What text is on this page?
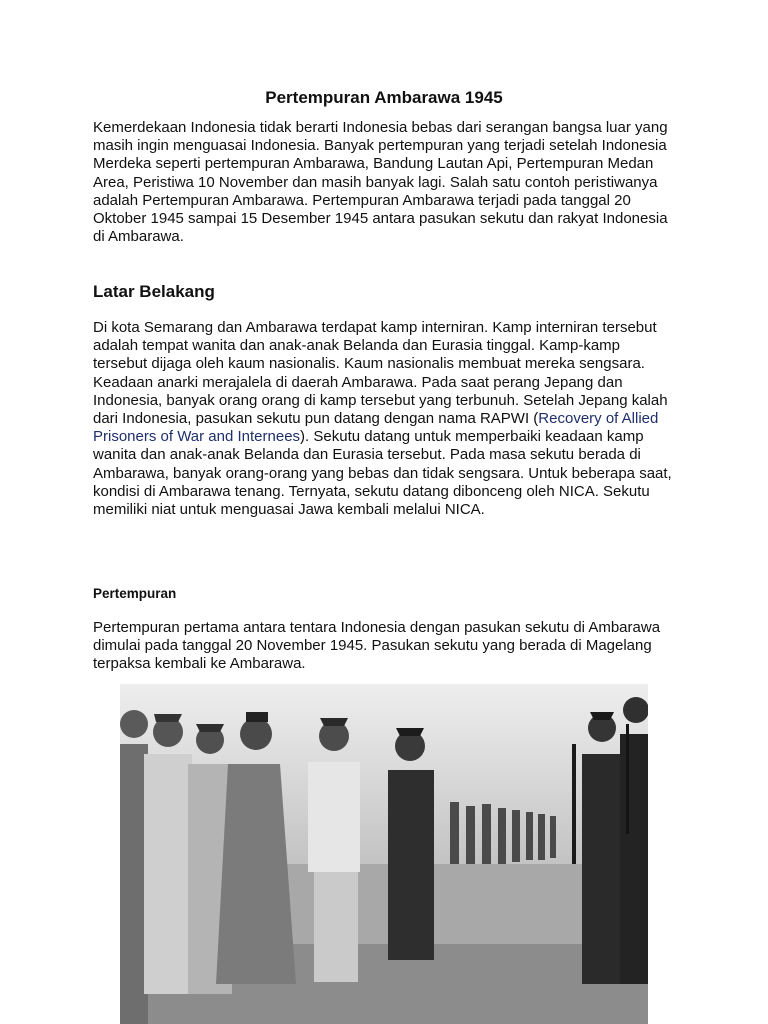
Pertempuran Ambarawa 1945

Kemerdekaan Indonesia tidak berarti Indonesia bebas dari serangan bangsa luar yang masih ingin menguasai Indonesia. Banyak pertempuran yang terjadi setelah Indonesia Merdeka seperti pertempuran Ambarawa, Bandung Lautan Api, Pertempuran Medan Area, Peristiwa 10 November dan masih banyak lagi. Salah satu contoh peristiwanya adalah Pertempuran Ambarawa. Pertempuran Ambarawa terjadi pada tanggal 20 Oktober 1945 sampai 15 Desember 1945 antara pasukan sekutu dan rakyat Indonesia di Ambarawa.

Latar Belakang

Di kota Semarang dan Ambarawa terdapat kamp interniran. Kamp interniran tersebut adalah tempat wanita dan anak-anak Belanda dan Eurasia tinggal. Kamp-kamp tersebut dijaga oleh kaum nasionalis. Kaum nasionalis membuat mereka sengsara. Keadaan anarki merajalela di daerah Ambarawa. Pada saat perang Jepang dan Indonesia, banyak orang orang di kamp tersebut yang terbunuh. Setelah Jepang kalah dari Indonesia, pasukan sekutu pun datang dengan nama RAPWI (Recovery of Allied Prisoners of War and Internees). Sekutu datang untuk memperbaiki keadaan kamp wanita dan anak-anak Belanda dan Eurasia tersebut. Pada masa sekutu berada di Ambarawa, banyak orang-orang yang bebas dan tidak sengsara. Untuk beberapa saat, kondisi di Ambarawa tenang. Ternyata, sekutu datang dibonceng oleh NICA. Sekutu memiliki niat untuk menguasai Jawa kembali melalui NICA.

Pertempuran

Pertempuran pertama antara tentara Indonesia dengan pasukan sekutu di Ambarawa dimulai pada tanggal 20 November 1945. Pasukan sekutu yang berada di Magelang terpaksa kembali ke Ambarawa.
